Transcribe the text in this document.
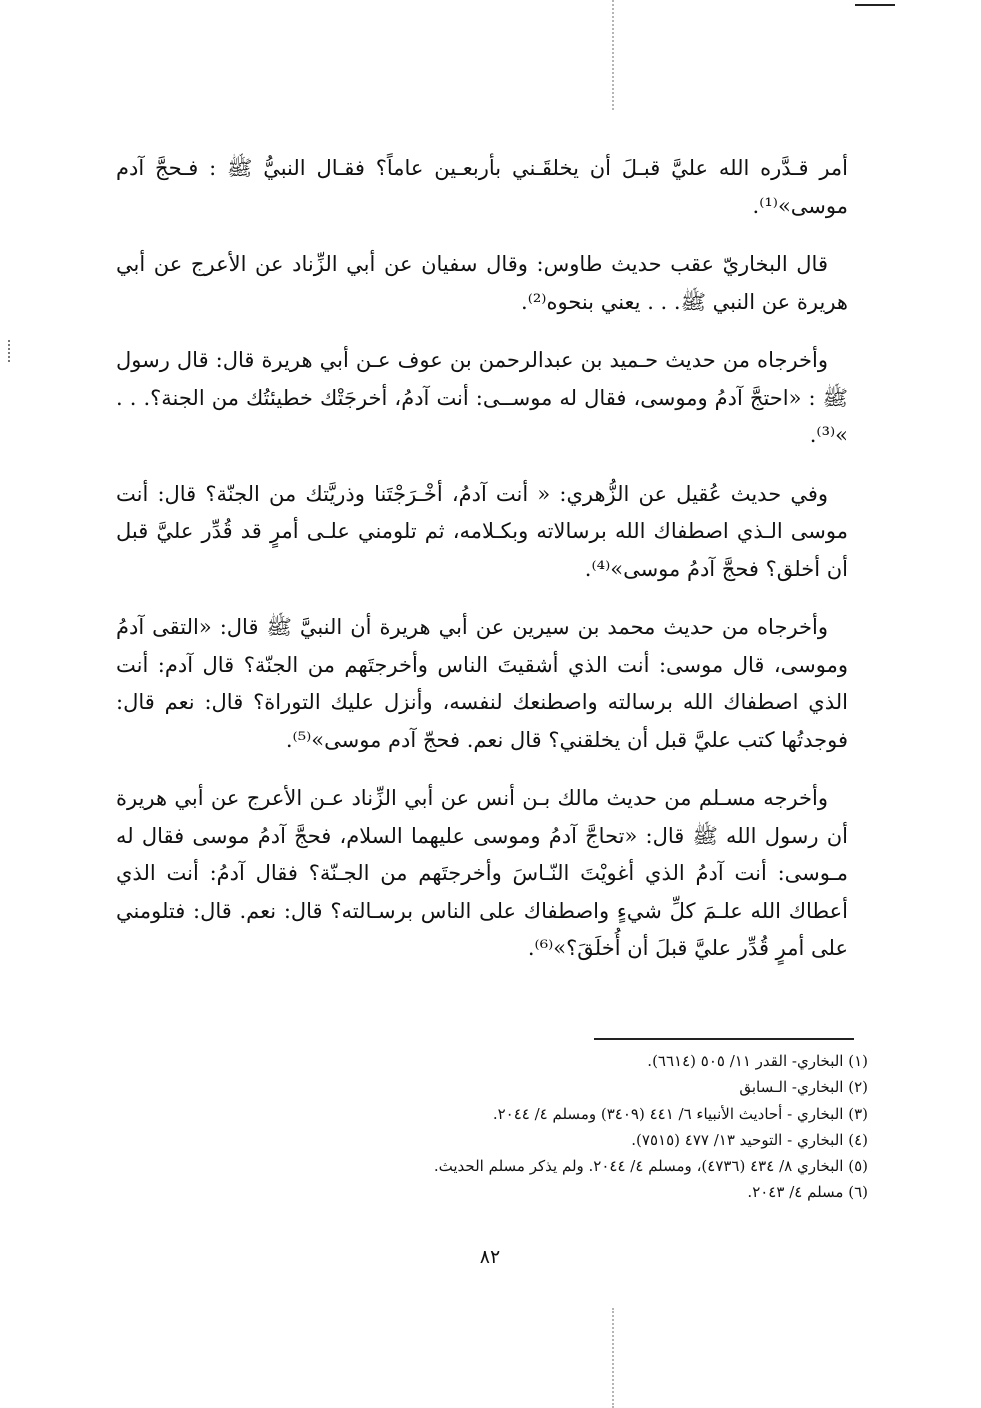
أمر قـدَّره الله عليَّ قبـلَ أن يخلقَـني بأربعـين عاماً؟ فقـال النبيُّ ﷺ : فـحجَّ آدم موسى»⁽¹⁾.

قال البخاريّ عقب حديث طاوس: وقال سفيان عن أبي الزِّناد عن الأعرج عن أبي هريرة عن النبي ﷺ. . . يعني بنحوه⁽²⁾.

وأخرجاه من حديث حـميد بن عبدالرحمن بن عوف عـن أبي هريرة قال: قال رسول ﷺ : «احتجَّ آدمُ وموسى، فقال له موســى: أنت آدمُ، أخرجَتْك خطيئتُك من الجنة؟. . . »⁽³⁾.

وفي حديث عُقيل عن الزُّهري: « أنت آدمُ، أخْـرَجْتَنا وذريَّتك من الجنّة؟ قال: أنت موسى الـذي اصطفاك الله برسالاته وبكـلامه، ثم تلومني علـى أمرٍ قد قُدِّر عليَّ قبل أن أخلق؟ فحجَّ آدمُ موسى»⁽⁴⁾.

وأخرجاه من حديث محمد بن سيرين عن أبي هريرة أن النبيَّ ﷺ قال: «التقى آدمُ وموسى، قال موسى: أنت الذي أشقيتَ الناس وأخرجتَهم من الجنّة؟ قال آدم: أنت الذي اصطفاك الله برسالته واصطنعك لنفسه، وأنزل عليك التوراة؟ قال: نعم قال: فوجدتُها كتب عليَّ قبل أن يخلقني؟ قال نعم. فحجّ آدم موسى»⁽⁵⁾.

وأخرجه مسـلم من حديث مالك بـن أنس عن أبي الزِّناد عـن الأعرج عن أبي هريرة أن رسول الله ﷺ قال: «تحاجَّ آدمُ وموسى عليهما السلام، فحجَّ آدمُ موسى فقال له مـوسى: أنت آدمُ الذي أغويْتَ النّـاسَ وأخرجتَهم من الجـنّة؟ فقال آدمُ: أنت الذي أعطاك الله علـمَ كلِّ شيءٍ واصطفاك على الناس برسـالته؟ قال: نعم. قال: فتلومني على أمرٍ قُدِّر عليَّ قبلَ أن أُخلَقَ؟»⁽⁶⁾.

(١) البخاري- القدر ١١/ ٥٠٥ (٦٦١٤).

(٢) البخاري- الـسابق

(٣) البخاري - أحاديث الأنبياء ٦/ ٤٤١ (٣٤٠٩) ومسلم ٤/ ٢٠٤٤.

(٤) البخاري - التوحيد ١٣/ ٤٧٧ (٧٥١٥).

(٥) البخاري ٨/ ٤٣٤ (٤٧٣٦)، ومسلم ٤/ ٢٠٤٤. ولم يذكر مسلم الحديث.

(٦) مسلم ٤/ ٢٠٤٣.

٨٢
